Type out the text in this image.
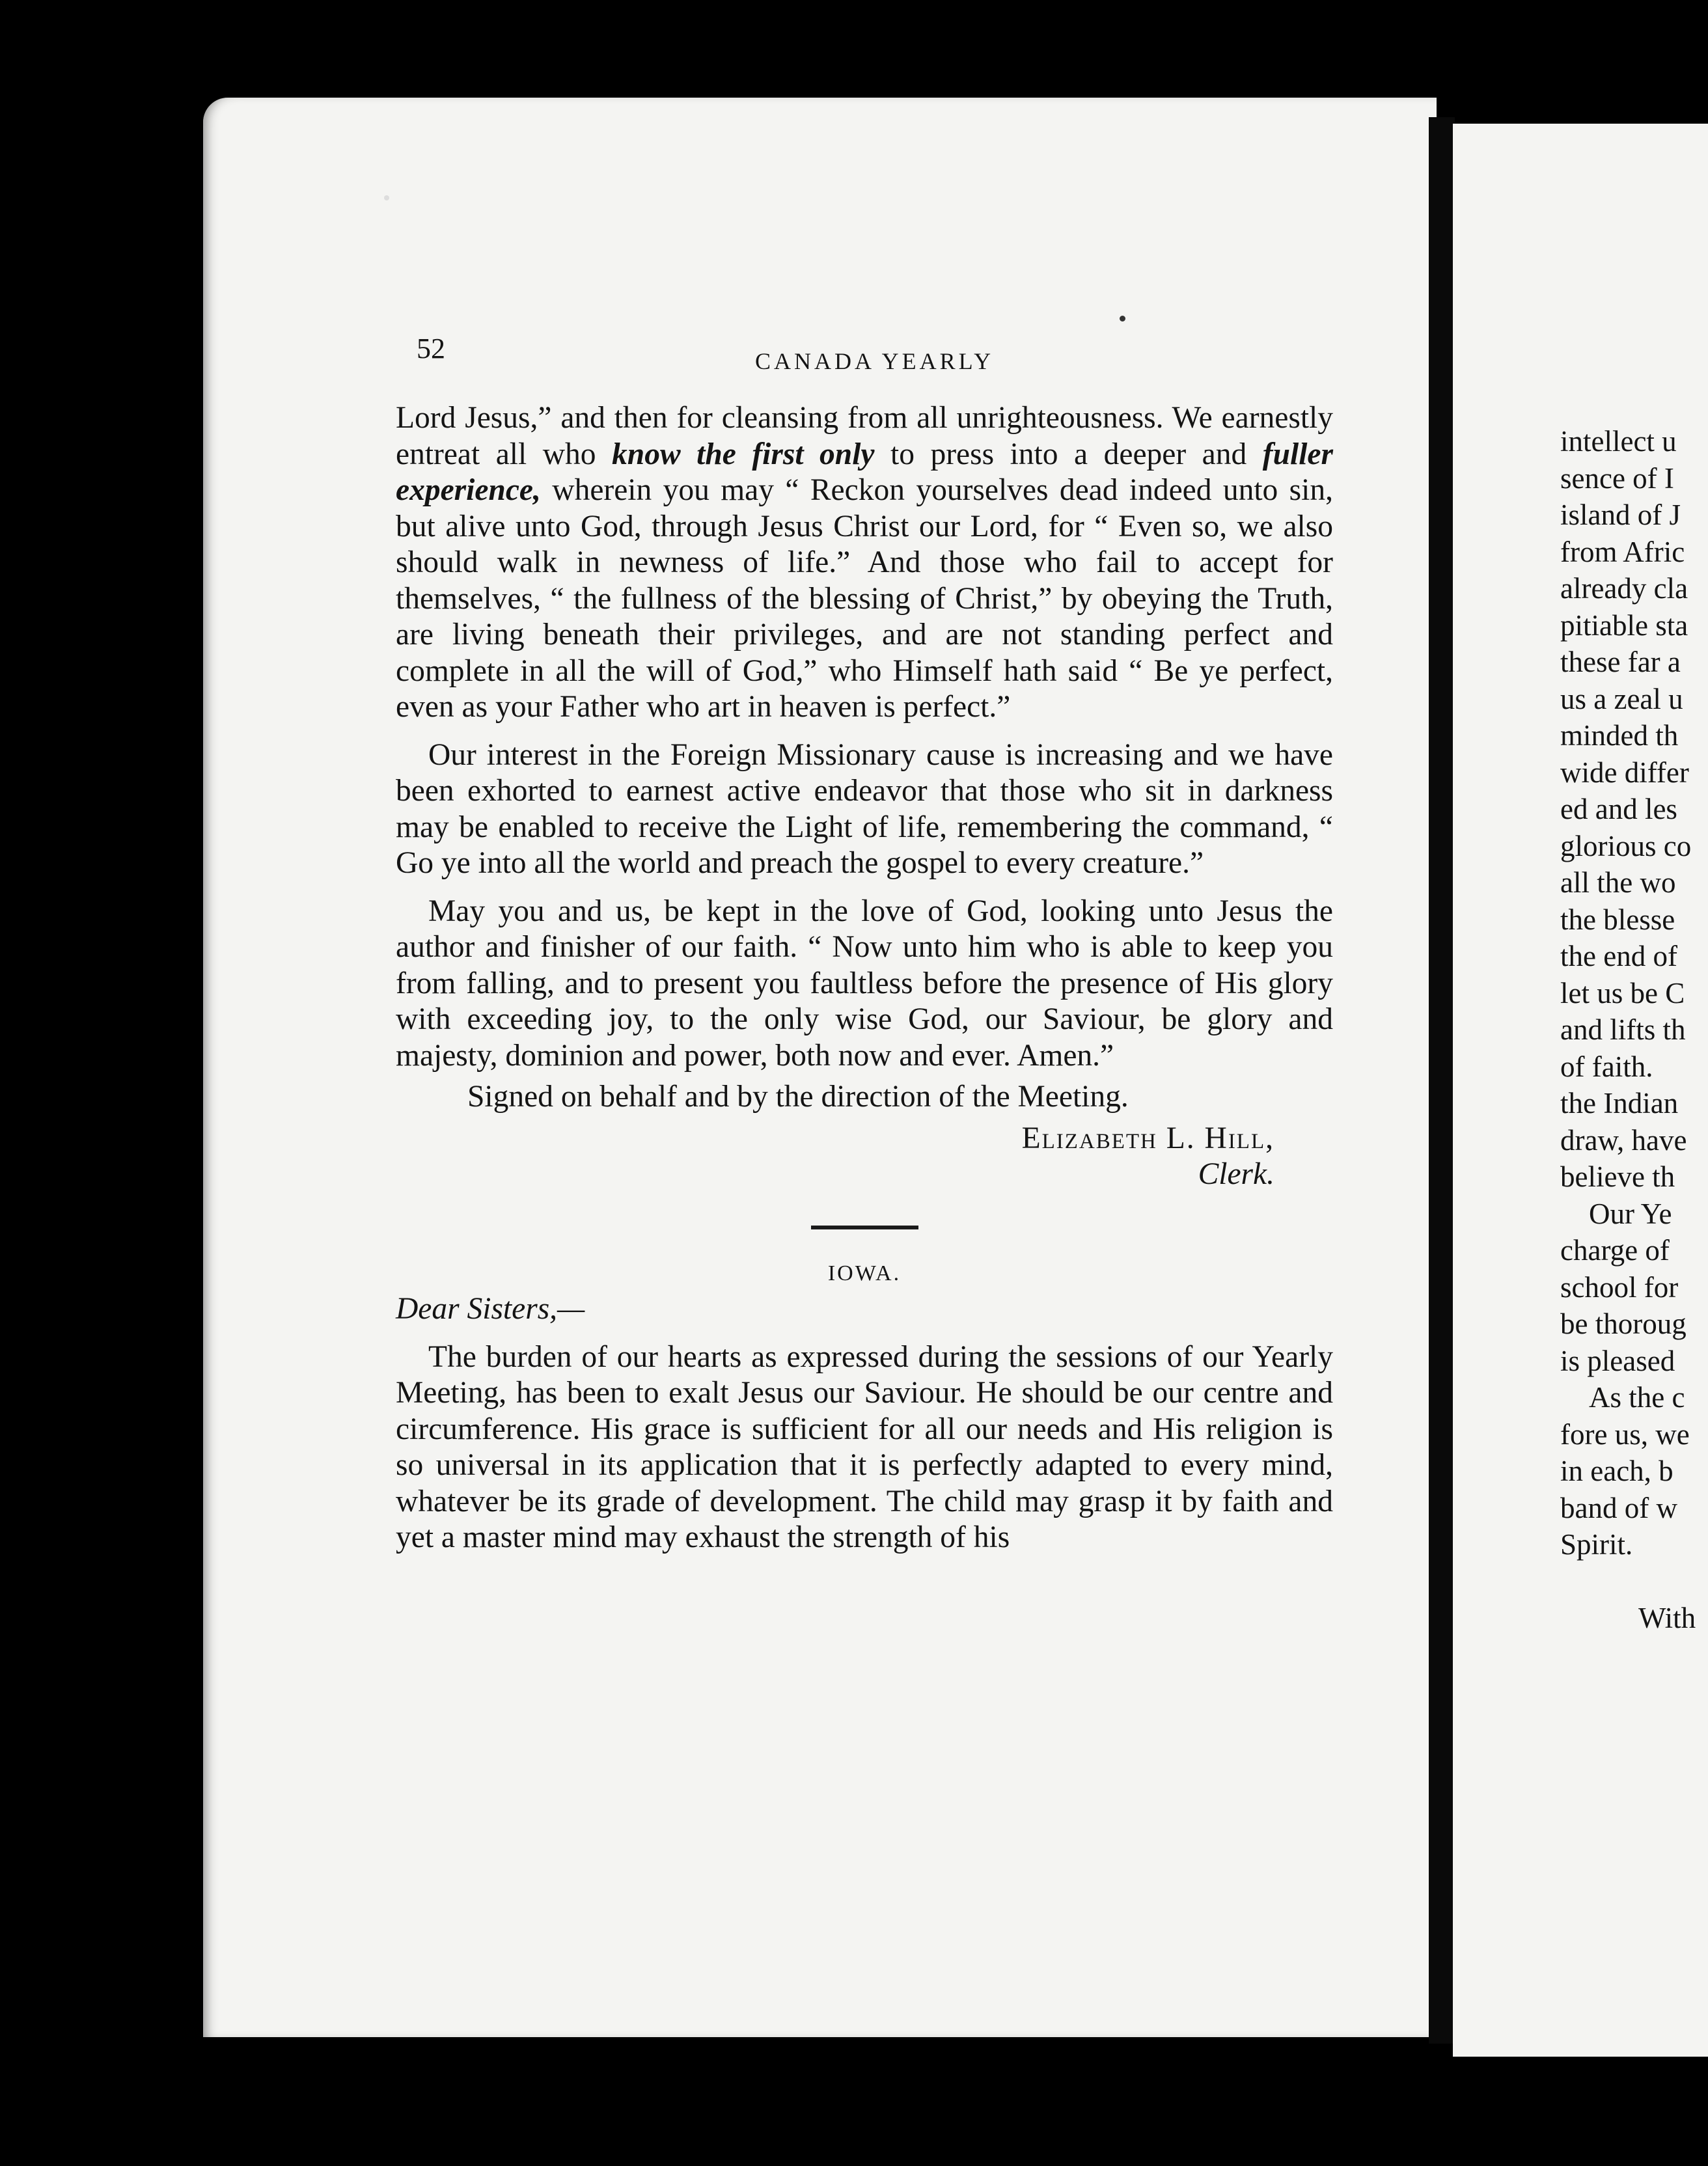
52	CANADA YEARLY

Lord Jesus,” and then for cleansing from all unrighteousness. We earnestly entreat all who know the first only to press into a deeper and fuller experience, wherein you may “ Reckon yourselves dead indeed unto sin, but alive unto God, through Jesus Christ our Lord, for “ Even so, we also should walk in newness of life.” And those who fail to accept for themselves, “ the fullness of the blessing of Christ,” by obeying the Truth, are living beneath their privileges, and are not standing perfect and complete in all the will of God,” who Himself hath said “ Be ye perfect, even as your Father who art in heaven is perfect.”

Our interest in the Foreign Missionary cause is increasing and we have been exhorted to earnest active endeavor that those who sit in darkness may be enabled to receive the Light of life, remembering the command, “ Go ye into all the world and preach the gospel to every creature.”

May you and us, be kept in the love of God, looking unto Jesus the author and finisher of our faith. “ Now unto him who is able to keep you from falling, and to present you faultless before the presence of His glory with exceeding joy, to the only wise God, our Saviour, be glory and majesty, dominion and power, both now and ever. Amen.”

Signed on behalf and by the direction of the Meeting.

Elizabeth L. Hill,

Clerk.

IOWA.

Dear Sisters,—

The burden of our hearts as expressed during the sessions of our Yearly Meeting, has been to exalt Jesus our Saviour. He should be our centre and circumference. His grace is sufficient for all our needs and His religion is so universal in its application that it is perfectly adapted to every mind, whatever be its grade of development. The child may grasp it by faith and yet a master mind may exhaust the strength of his

intellect u
sence of I
island of J
from Afric
already cla
pitiable sta
these far a
us a zeal u
minded th
wide differ
ed and les
glorious co
all the wo
the blesse
the end of
let us be C
and lifts th
of faith.
the Indian
draw, have
believe th
Our Ye
charge of
school for
be thoroug
is pleased
As the c
fore us, we
in each, b
band of w
Spirit.
With
